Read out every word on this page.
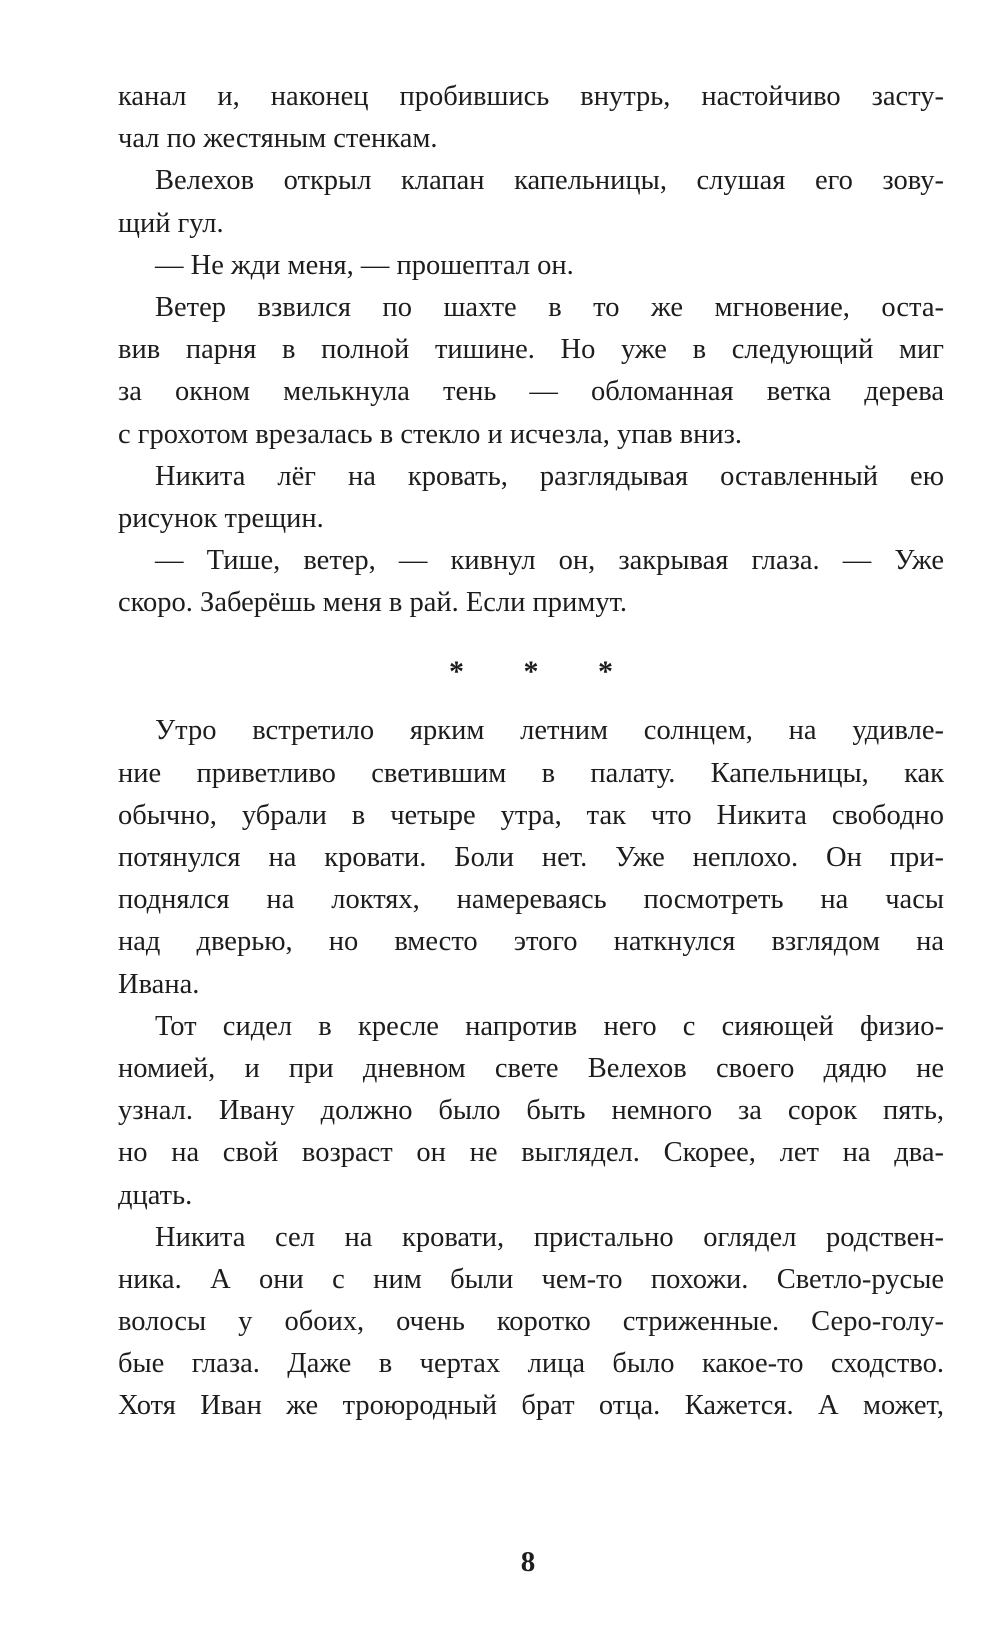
канал и, наконец пробившись внутрь, настойчиво засту-
чал по жестяным стенкам.
Велехов открыл клапан капельницы, слушая его зову-
щий гул.
— Не жди меня, — прошептал он.
Ветер взвился по шахте в то же мгновение, оста-
вив парня в полной тишине. Но уже в следующий миг
за окном мелькнула тень — обломанная ветка дерева
с грохотом врезалась в стекло и исчезла, упав вниз.
Никита лёг на кровать, разглядывая оставленный ею
рисунок трещин.
— Тише, ветер, — кивнул он, закрывая глаза. — Уже
скоро. Заберёшь меня в рай. Если примут.
* * *
Утро встретило ярким летним солнцем, на удивле-
ние приветливо светившим в палату. Капельницы, как
обычно, убрали в четыре утра, так что Никита свободно
потянулся на кровати. Боли нет. Уже неплохо. Он при-
поднялся на локтях, намереваясь посмотреть на часы
над дверью, но вместо этого наткнулся взглядом на
Ивана.
Тот сидел в кресле напротив него с сияющей физио-
номией, и при дневном свете Велехов своего дядю не
узнал. Ивану должно было быть немного за сорок пять,
но на свой возраст он не выглядел. Скорее, лет на два-
дцать.
Никита сел на кровати, пристально оглядел родствен-
ника. А они с ним были чем-то похожи. Светло-русые
волосы у обоих, очень коротко стриженные. Серо-голу-
бые глаза. Даже в чертах лица было какое-то сходство.
Хотя Иван же троюродный брат отца. Кажется. А может,
8
